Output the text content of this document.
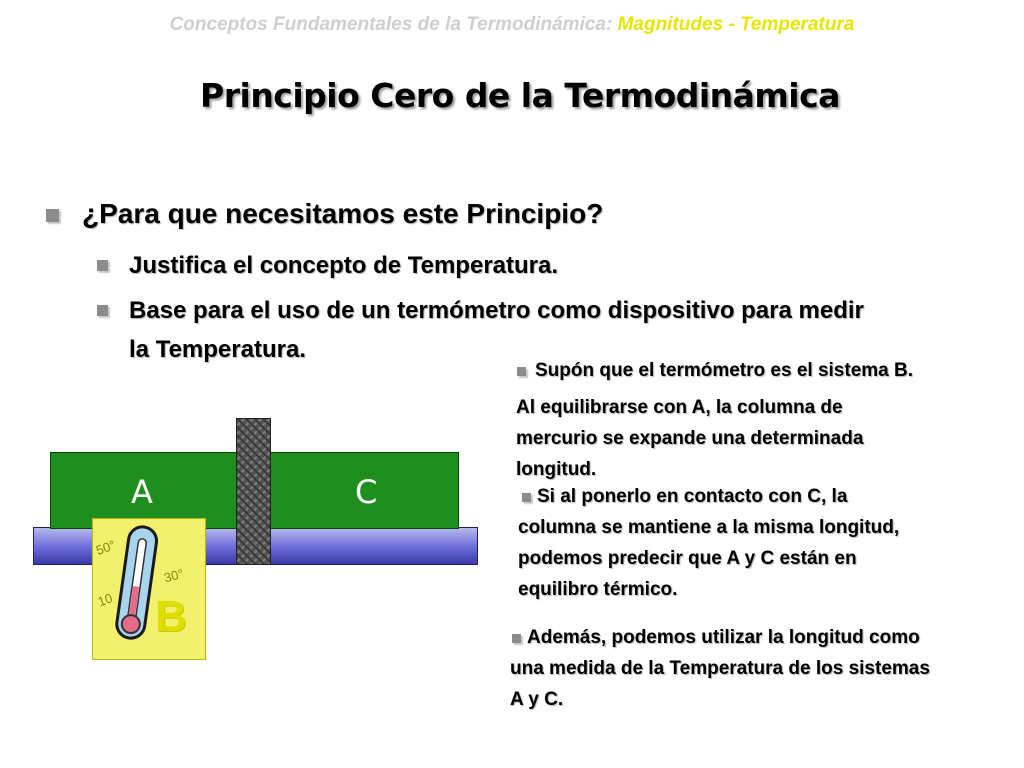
Conceptos Fundamentales de la Termodinámica: Magnitudes - Temperatura
Principio Cero de la Termodinámica
¿Para que necesitamos este Principio?
Justifica el concepto de Temperatura.
Base para el uso de un termómetro como dispositivo para medir
la Temperatura.
A	C
50°
30°
10 B
Supón que el termómetro es el sistema B.
Al equilibrarse con A, la columna de
mercurio se expande una determinada
longitud.
Si al ponerlo en contacto con C, la
columna se mantiene a la misma longitud,
podemos predecir que A y C están en
equilibro térmico.
Además, podemos utilizar la longitud como
una medida de la Temperatura de los sistemas
A y C.
